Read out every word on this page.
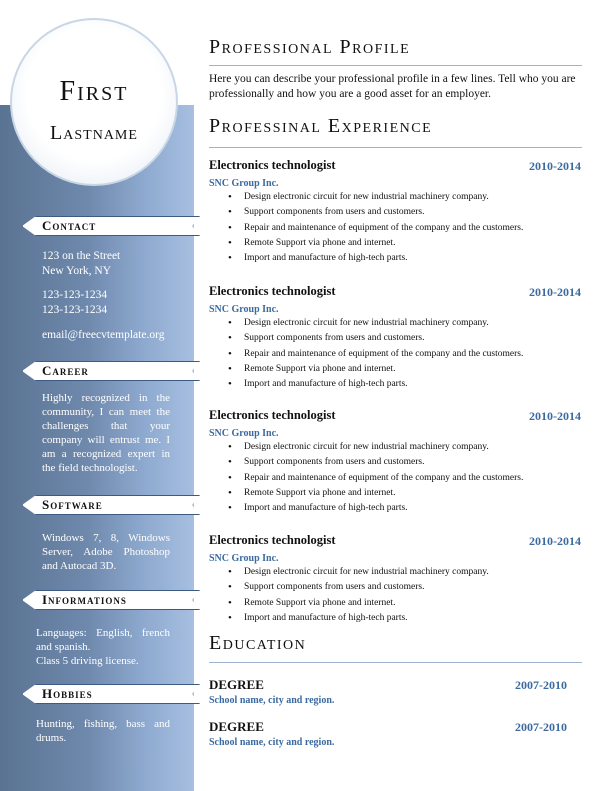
First
Lastname
Contact
123 on the Street
New York, NY
123-123-1234
123-123-1234
email@freecvtemplate.org
Career
Highly recognized in the community, I can meet the challenges that your company will entrust me. I am a recognized expert in the field technologist.
Software
Windows 7, 8, Windows Server, Adobe Photoshop and Autocad 3D.
Informations
Languages: English, french and spanish.
Class 5 driving license.
Hobbies
Hunting, fishing, bass and drums.
Professional Profile
Here you can describe your professional profile in a few lines. Tell who you are professionally and how you are a good asset for an employer.
Professinal Experience
Electronics technologist	2010-2014
SNC Group Inc.
• Design electronic circuit for new industrial machinery company.
• Support components from users and customers.
• Repair and maintenance of equipment of the company and the customers.
• Remote Support via phone and internet.
• Import and manufacture of high-tech parts.
Electronics technologist	2010-2014
SNC Group Inc.
• Design electronic circuit for new industrial machinery company.
• Support components from users and customers.
• Repair and maintenance of equipment of the company and the customers.
• Remote Support via phone and internet.
• Import and manufacture of high-tech parts.
Electronics technologist	2010-2014
SNC Group Inc.
• Design electronic circuit for new industrial machinery company.
• Support components from users and customers.
• Repair and maintenance of equipment of the company and the customers.
• Remote Support via phone and internet.
• Import and manufacture of high-tech parts.
Electronics technologist	2010-2014
SNC Group Inc.
• Design electronic circuit for new industrial machinery company.
• Support components from users and customers.
• Remote Support via phone and internet.
• Import and manufacture of high-tech parts.
Education
DEGREE	2007-2010
School name, city and region.
DEGREE	2007-2010
School name, city and region.
